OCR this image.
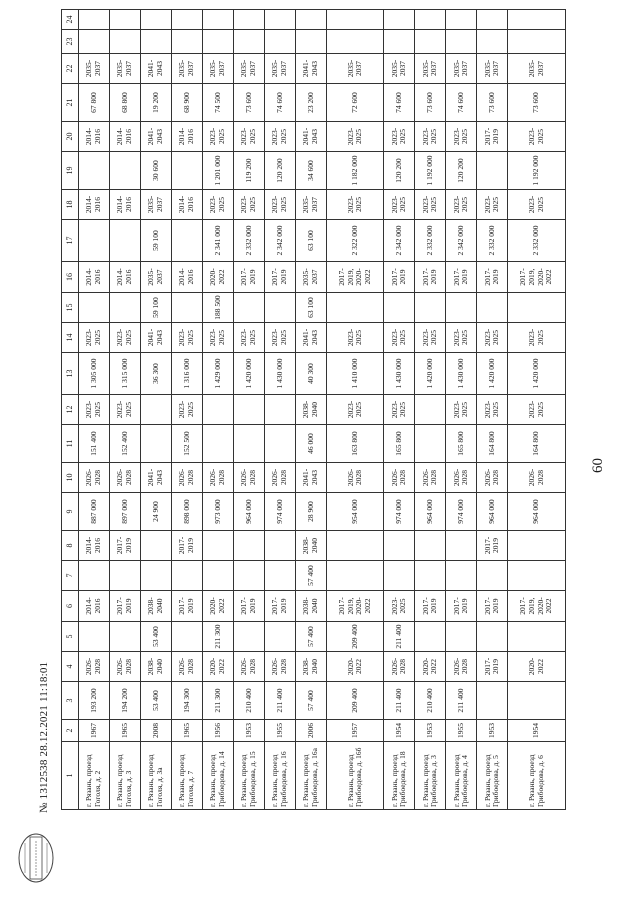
60
№ 1312538 28.12.2021 11:18:01 1	2	3	4	5	6	7	8	9	10	11	12	13	14	15	16	17	18	19	20	21	22	23	24
г. Рязань, проезд Гоголя, д. 2	1967	193 200	2026-2028		2014-2016		2014-2016	887 000	2026-2028	151 400	2023-2025	1 305 000	2023-2025		2014-2016		2014-2016		2014-2016	67 800	2035-2037		
г. Рязань, проезд Гоголя, д. 3	1965	194 200	2026-2028		2017-2019		2017-2019	897 000	2026-2028	152 400	2023-2025	1 315 000	2023-2025		2014-2016		2014-2016		2014-2016	68 800	2035-2037		
г. Рязань, проезд Гоголя, д. 3а	2008	53 400	2038-2040	53 400	2038-2040			24 900	2041-2043			36 300	2041-2043	59 100	2035-2037	59 100	2035-2037	30 600	2041-2043	19 200	2041-2043		
г. Рязань, проезд Гоголя, д. 7	1965	194 300	2026-2028		2017-2019		2017-2019	898 000	2026-2028	152 500	2023-2025	1 316 000	2023-2025		2014-2016		2014-2016		2014-2016	68 900	2035-2037		
г. Рязань, проезд Грибоедова, д. 14	1956	211 300	2020-2022	211 300	2020-2022			973 000	2026-2028			1 429 000	2023-2025	188 500	2020-2022	2 341 000	2023-2025	1 201 000	2023-2025	74 500	2035-2037		
г. Рязань, проезд Грибоедова, д. 15	1953	210 400	2026-2028		2017-2019			964 000	2026-2028			1 420 000	2023-2025		2017-2019	2 332 000	2023-2025	119 200	2023-2025	73 600	2035-2037		
г. Рязань, проезд Грибоедова, д. 16	1955	211 400	2026-2028		2017-2019			974 000	2026-2028			1 430 000	2023-2025		2017-2019	2 342 000	2023-2025	120 200	2023-2025	74 600	2035-2037		
г. Рязань, проезд Грибоедова, д. 16а	2006	57 400	2038-2040	57 400	2038-2040	57 400	2038-2040	28 900	2041-2043	46 000	2038-2040	40 300	2041-2043	63 100	2035-2037	63 100	2035-2037	34 600	2041-2043	23 200	2041-2043		
г. Рязань, проезд Грибоедова, д. 16б	1957	209 400	2020-2022	209 400	2017-2019, 2020-2022			954 000	2026-2028	163 800	2023-2025	1 410 000	2023-2025		2017-2019, 2020-2022	2 322 000	2023-2025	1 182 000	2023-2025	72 600	2035-2037		
г. Рязань, проезд Грибоедова, д. 18	1954	211 400	2026-2028	211 400	2023-2025			974 000	2026-2028	165 800	2023-2025	1 430 000	2023-2025		2017-2019	2 342 000	2023-2025	120 200	2023-2025	74 600	2035-2037		
г. Рязань, проезд Грибоедова, д. 3	1953	210 400	2020-2022		2017-2019			964 000	2026-2028			1 420 000	2023-2025		2017-2019	2 332 000	2023-2025	1 192 000	2023-2025	73 600	2035-2037		
г. Рязань, проезд Грибоедова, д. 4	1955	211 400	2026-2028		2017-2019			974 000	2026-2028	165 800	2023-2025	1 430 000	2023-2025		2017-2019	2 342 000	2023-2025	120 200	2023-2025	74 600	2035-2037		
г. Рязань, проезд Грибоедова, д. 5	1953		2017-2019		2017-2019		2017-2019	964 000	2026-2028	164 800	2023-2025	1 420 000	2023-2025		2017-2019	2 332 000	2023-2025		2017-2019	73 600	2035-2037		
г. Рязань, проезд Грибоедова, д. 6	1954		2020-2022		2017-2019, 2020-2022			964 000	2026-2028	164 800	2023-2025	1 420 000	2023-2025		2017-2019, 2020-2022	2 332 000	2023-2025	1 192 000	2023-2025	73 600	2035-2037		
